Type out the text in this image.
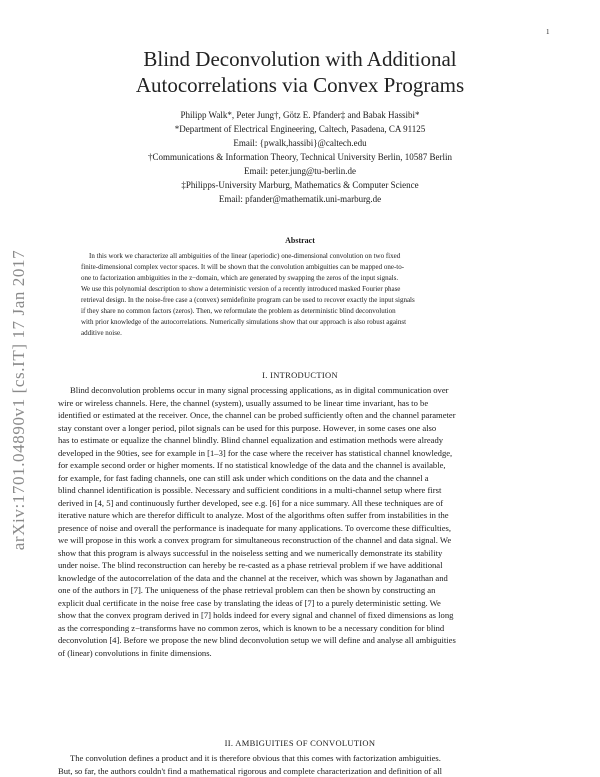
1
arXiv:1701.04890v1 [cs.IT] 17 Jan 2017
Blind Deconvolution with Additional
Autocorrelations via Convex Programs
Philipp Walk*, Peter Jung†, Götz E. Pfander‡ and Babak Hassibi*
*Department of Electrical Engineering, Caltech, Pasadena, CA 91125
Email: {pwalk,hassibi}@caltech.edu
†Communications & Information Theory, Technical University Berlin, 10587 Berlin
Email: peter.jung@tu-berlin.de
‡Philipps-University Marburg, Mathematics & Computer Science
Email: pfander@mathematik.uni-marburg.de
Abstract
In this work we characterize all ambiguities of the linear (aperiodic) one-dimensional convolution on two fixed
finite-dimensional complex vector spaces. It will be shown that the convolution ambiguities can be mapped one-to-
one to factorization ambiguities in the z−domain, which are generated by swapping the zeros of the input signals.
We use this polynomial description to show a deterministic version of a recently introduced masked Fourier phase
retrieval design. In the noise-free case a (convex) semidefinite program can be used to recover exactly the input signals
if they share no common factors (zeros). Then, we reformulate the problem as deterministic blind deconvolution
with prior knowledge of the autocorrelations. Numerically simulations show that our approach is also robust against
additive noise.
I. INTRODUCTION
Blind deconvolution problems occur in many signal processing applications, as in digital communication over
wire or wireless channels. Here, the channel (system), usually assumed to be linear time invariant, has to be
identified or estimated at the receiver. Once, the channel can be probed sufficiently often and the channel parameter
stay constant over a longer period, pilot signals can be used for this purpose. However, in some cases one also
has to estimate or equalize the channel blindly. Blind channel equalization and estimation methods were already
developed in the 90ties, see for example in [1–3] for the case where the receiver has statistical channel knowledge,
for example second order or higher moments. If no statistical knowledge of the data and the channel is available,
for example, for fast fading channels, one can still ask under which conditions on the data and the channel a
blind channel identification is possible. Necessary and sufficient conditions in a multi-channel setup where first
derived in [4, 5] and continuously further developed, see e.g. [6] for a nice summary. All these techniques are of
iterative nature which are therefor difficult to analyze. Most of the algorithms often suffer from instabilities in the
presence of noise and overall the performance is inadequate for many applications. To overcome these difficulties,
we will propose in this work a convex program for simultaneous reconstruction of the channel and data signal. We
show that this program is always successful in the noiseless setting and we numerically demonstrate its stability
under noise. The blind reconstruction can hereby be re-casted as a phase retrieval problem if we have additional
knowledge of the autocorrelation of the data and the channel at the receiver, which was shown by Jaganathan and
one of the authors in [7]. The uniqueness of the phase retrieval problem can then be shown by constructing an
explicit dual certificate in the noise free case by translating the ideas of [7] to a purely deterministic setting. We
show that the convex program derived in [7] holds indeed for every signal and channel of fixed dimensions as long
as the corresponding z−transforms have no common zeros, which is known to be a necessary condition for blind
deconvolution [4]. Before we propose the new blind deconvolution setup we will define and analyse all ambiguities
of (linear) convolutions in finite dimensions.
II. AMBIGUITIES OF CONVOLUTION
The convolution defines a product and it is therefore obvious that this comes with factorization ambiguities.
But, so far, the authors couldn't find a mathematical rigorous and complete characterization and definition of all
